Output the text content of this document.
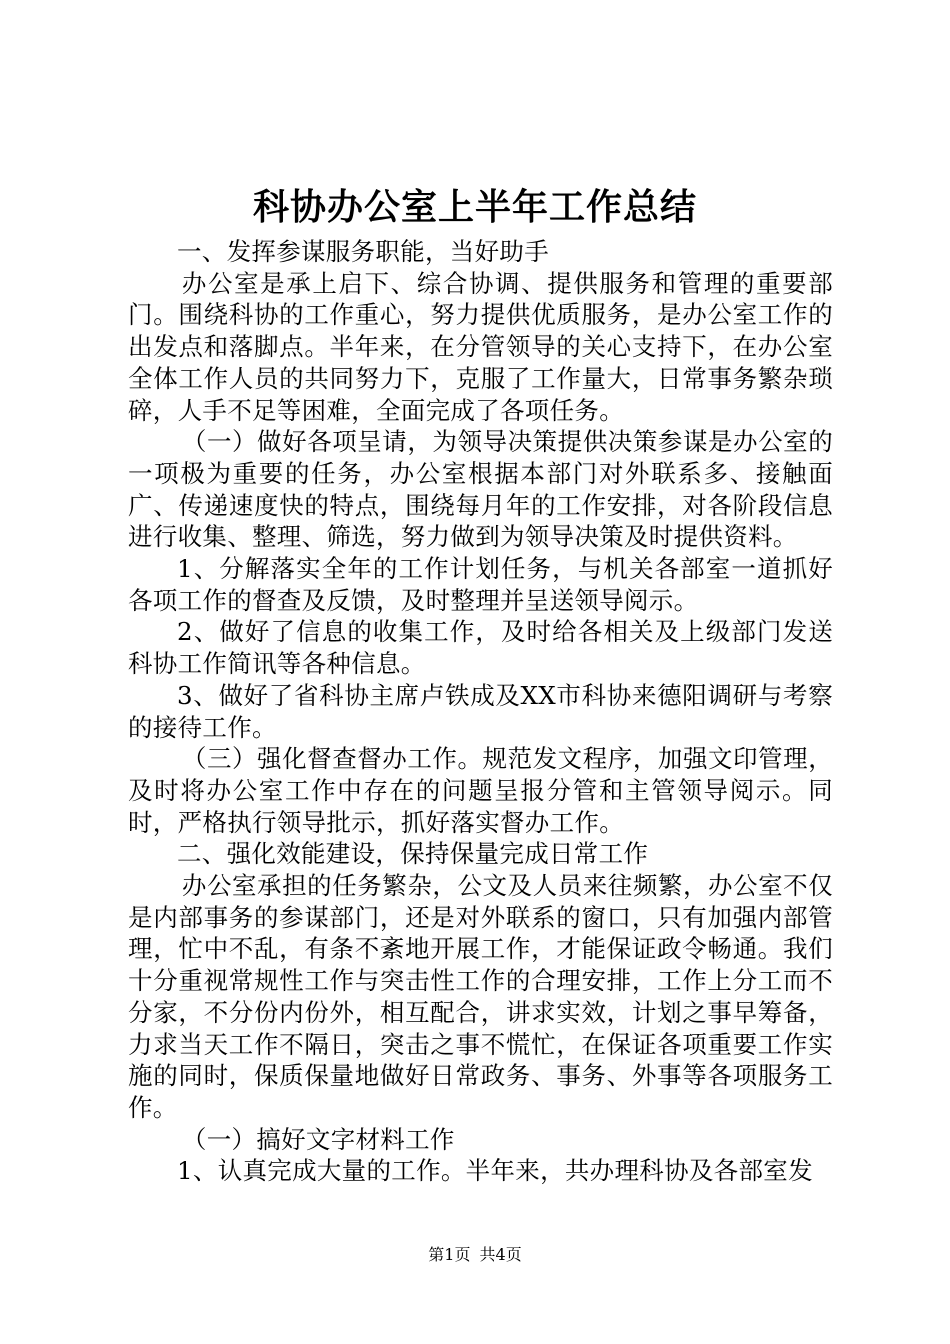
科协办公室上半年工作总结

一、发挥参谋服务职能，当好助手

办公室是承上启下、综合协调、提供服务和管理的重要部门。围绕科协的工作重心，努力提供优质服务，是办公室工作的出发点和落脚点。半年来，在分管领导的关心支持下，在办公室全体工作人员的共同努力下，克服了工作量大，日常事务繁杂琐碎，人手不足等困难，全面完成了各项任务。

（一）做好各项呈请，为领导决策提供决策参谋是办公室的一项极为重要的任务，办公室根据本部门对外联系多、接触面广、传递速度快的特点，围绕每月年的工作安排，对各阶段信息进行收集、整理、筛选，努力做到为领导决策及时提供资料。

1、分解落实全年的工作计划任务，与机关各部室一道抓好各项工作的督查及反馈，及时整理并呈送领导阅示。

2、做好了信息的收集工作，及时给各相关及上级部门发送科协工作简讯等各种信息。

3、做好了省科协主席卢铁成及XX市科协来德阳调研与考察的接待工作。

（三）强化督查督办工作。规范发文程序，加强文印管理，及时将办公室工作中存在的问题呈报分管和主管领导阅示。同时，严格执行领导批示，抓好落实督办工作。

二、强化效能建设，保持保量完成日常工作

办公室承担的任务繁杂，公文及人员来往频繁，办公室不仅是内部事务的参谋部门，还是对外联系的窗口，只有加强内部管理，忙中不乱，有条不紊地开展工作，才能保证政令畅通。我们十分重视常规性工作与突击性工作的合理安排，工作上分工而不分家，不分份内份外，相互配合，讲求实效，计划之事早筹备，力求当天工作不隔日，突击之事不慌忙，在保证各项重要工作实施的同时，保质保量地做好日常政务、事务、外事等各项服务工作。

（一）搞好文字材料工作

1、认真完成大量的工作。半年来，共办理科协及各部室发

第1页 共4页
